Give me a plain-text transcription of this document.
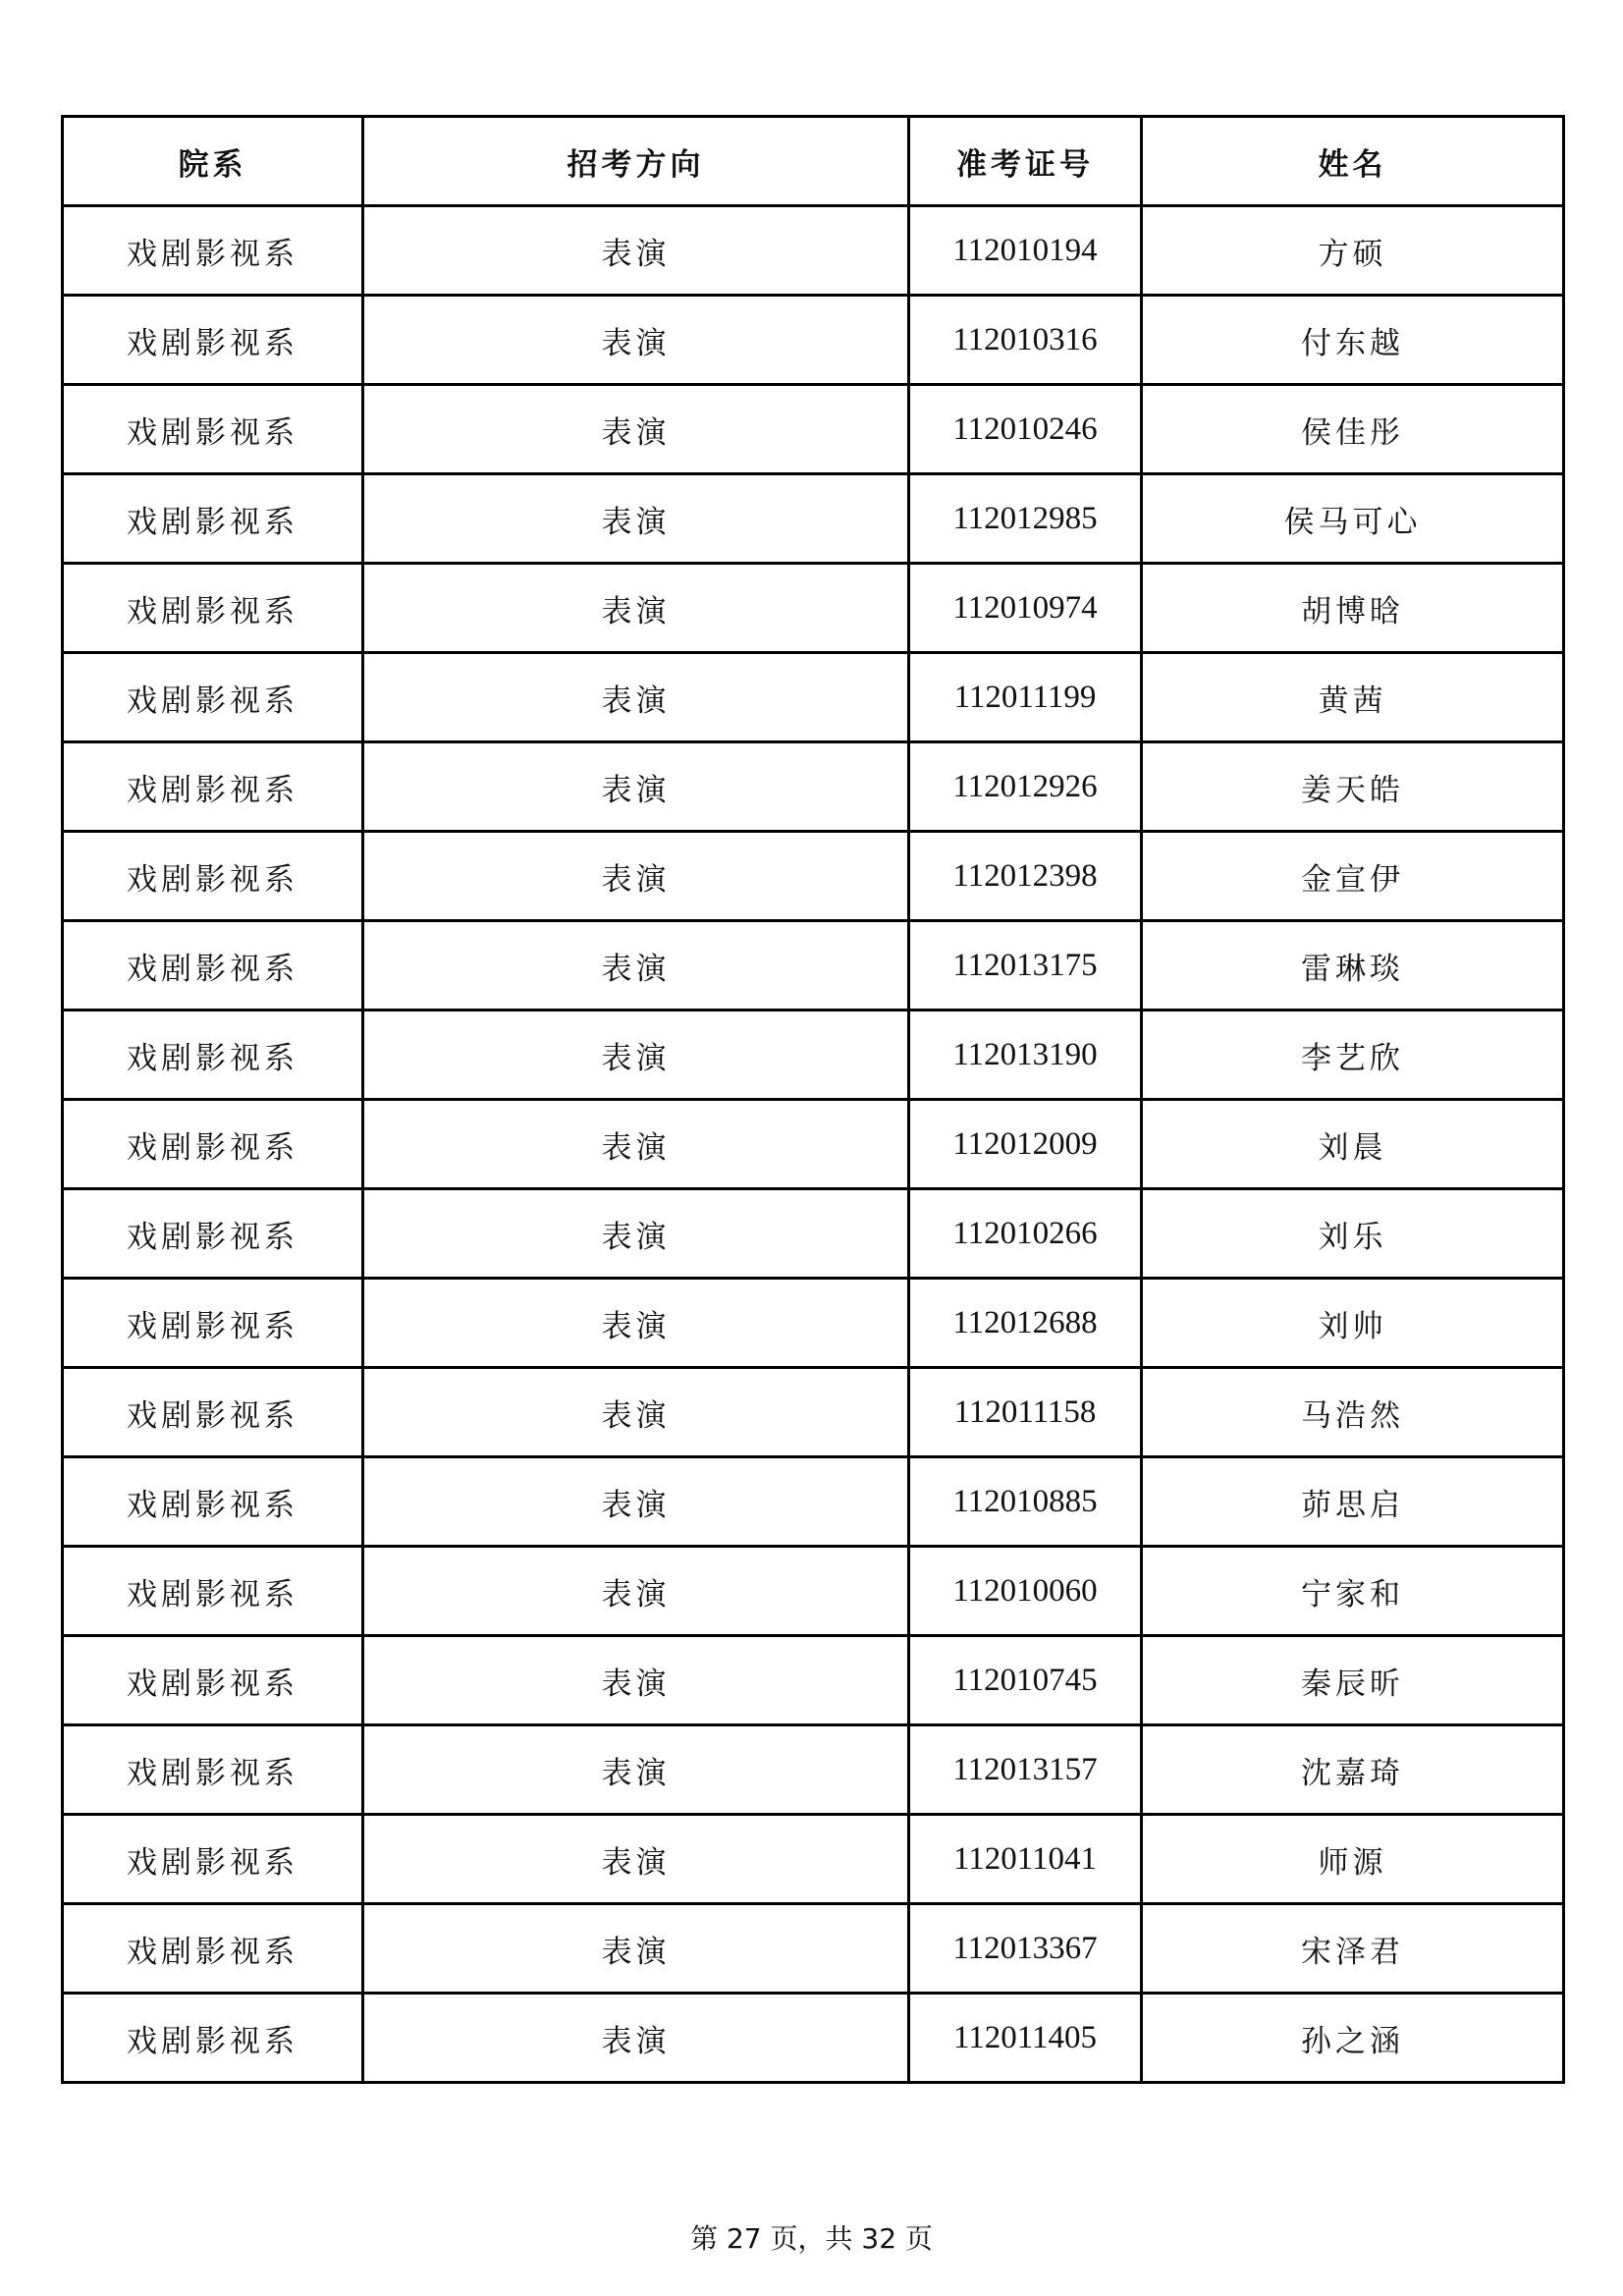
院系	招考方向	准考证号	姓名
戏剧影视系	表演	112010194	方硕
戏剧影视系	表演	112010316	付东越
戏剧影视系	表演	112010246	侯佳彤
戏剧影视系	表演	112012985	侯马可心
戏剧影视系	表演	112010974	胡博晗
戏剧影视系	表演	112011199	黄茜
戏剧影视系	表演	112012926	姜天皓
戏剧影视系	表演	112012398	金宣伊
戏剧影视系	表演	112013175	雷琳琰
戏剧影视系	表演	112013190	李艺欣
戏剧影视系	表演	112012009	刘晨
戏剧影视系	表演	112010266	刘乐
戏剧影视系	表演	112012688	刘帅
戏剧影视系	表演	112011158	马浩然
戏剧影视系	表演	112010885	茆思启
戏剧影视系	表演	112010060	宁家和
戏剧影视系	表演	112010745	秦辰昕
戏剧影视系	表演	112013157	沈嘉琦
戏剧影视系	表演	112011041	师源
戏剧影视系	表演	112013367	宋泽君
戏剧影视系	表演	112011405	孙之涵
第 27 页，共 32 页
